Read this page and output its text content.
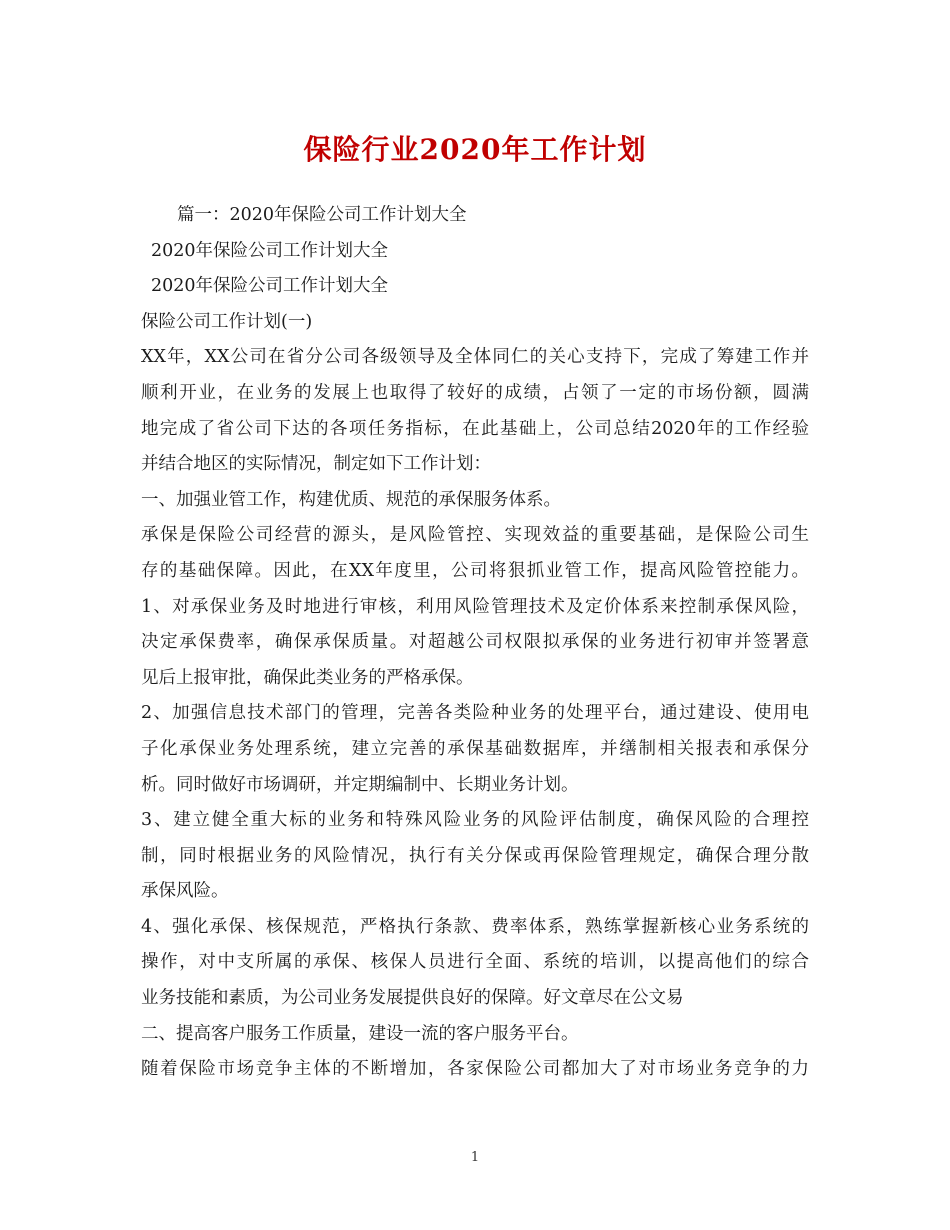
保险行业2020年工作计划
篇一：2020年保险公司工作计划大全
2020年保险公司工作计划大全
2020年保险公司工作计划大全
保险公司工作计划(一)
XX年，XX公司在省分公司各级领导及全体同仁的关心支持下，完成了筹建工作并
顺利开业，在业务的发展上也取得了较好的成绩，占领了一定的市场份额，圆满
地完成了省公司下达的各项任务指标，在此基础上，公司总结2020年的工作经验
并结合地区的实际情况，制定如下工作计划：
一、加强业管工作，构建优质、规范的承保服务体系。
承保是保险公司经营的源头，是风险管控、实现效益的重要基础，是保险公司生
存的基础保障。因此，在XX年度里，公司将狠抓业管工作，提高风险管控能力。
1、对承保业务及时地进行审核，利用风险管理技术及定价体系来控制承保风险，
决定承保费率，确保承保质量。对超越公司权限拟承保的业务进行初审并签署意
见后上报审批，确保此类业务的严格承保。
2、加强信息技术部门的管理，完善各类险种业务的处理平台，通过建设、使用电
子化承保业务处理系统，建立完善的承保基础数据库，并缮制相关报表和承保分
析。同时做好市场调研，并定期编制中、长期业务计划。
3、建立健全重大标的业务和特殊风险业务的风险评估制度，确保风险的合理控
制，同时根据业务的风险情况，执行有关分保或再保险管理规定，确保合理分散
承保风险。
4、强化承保、核保规范，严格执行条款、费率体系，熟练掌握新核心业务系统的
操作，对中支所属的承保、核保人员进行全面、系统的培训，以提高他们的综合
业务技能和素质，为公司业务发展提供良好的保障。好文章尽在公文易
二、提高客户服务工作质量，建设一流的客户服务平台。
随着保险市场竞争主体的不断增加，各家保险公司都加大了对市场业务竞争的力
1
